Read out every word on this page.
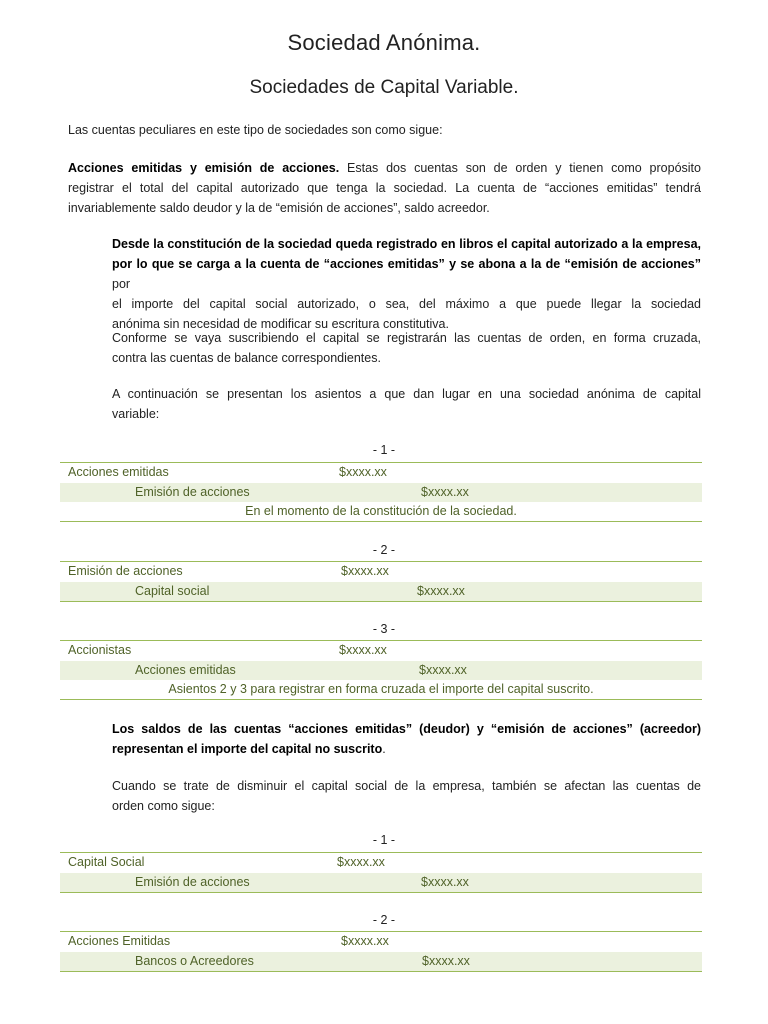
Sociedad Anónima.
Sociedades de Capital Variable.
Las cuentas peculiares en este tipo de sociedades son como sigue:
Acciones emitidas y emisión de acciones. Estas dos cuentas son de orden y tienen como propósito
registrar el total del capital autorizado que tenga la sociedad. La cuenta de “acciones emitidas” tendrá
invariablemente saldo deudor y la de “emisión de acciones”, saldo acreedor.
Desde la constitución de la sociedad queda registrado en libros el capital autorizado a la empresa,
por lo que se carga a la cuenta de “acciones emitidas” y se abona a la de “emisión de acciones” por
el importe del capital social autorizado, o sea, del máximo a que puede llegar la sociedad
anónima sin necesidad de modificar su escritura constitutiva.
Conforme se vaya suscribiendo el capital se registrarán las cuentas de orden, en forma cruzada,
contra las cuentas de balance correspondientes.
A continuación se presentan los asientos a que dan lugar en una sociedad anónima de capital
variable:
- 1 -
Acciones emitidas	$xxxx.xx
Emisión de acciones	$xxxx.xx
En el momento de la constitución de la sociedad.
- 2 -
Emisión de acciones	$xxxx.xx
Capital social	$xxxx.xx
- 3 -
Accionistas	$xxxx.xx
Acciones emitidas	$xxxx.xx
Asientos 2 y 3 para registrar en forma cruzada el importe del capital suscrito.
Los saldos de las cuentas “acciones emitidas” (deudor) y “emisión de acciones” (acreedor)
representan el importe del capital no suscrito.
Cuando se trate de disminuir el capital social de la empresa, también se afectan las cuentas de
orden como sigue:
- 1 -
Capital Social	$xxxx.xx
Emisión de acciones	$xxxx.xx
- 2 -
Acciones Emitidas	$xxxx.xx
Bancos o Acreedores	$xxxx.xx
